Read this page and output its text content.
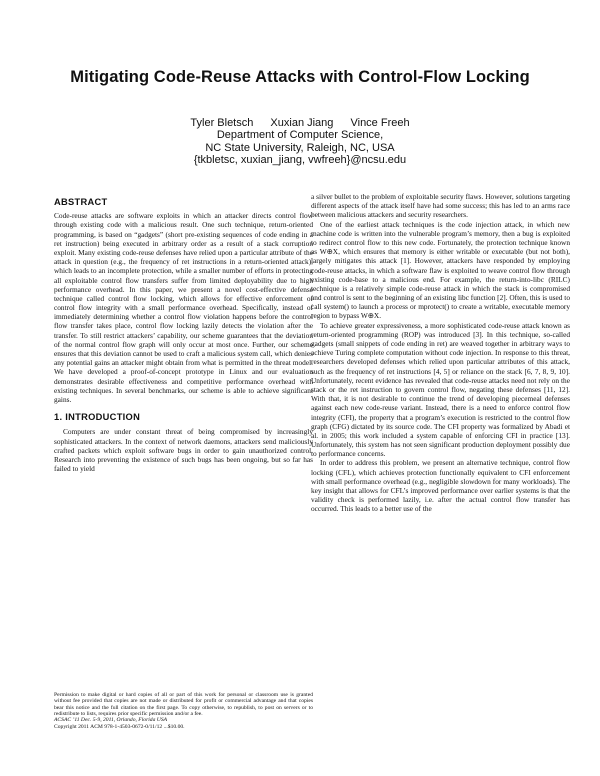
Mitigating Code-Reuse Attacks with Control-Flow Locking
Tyler Bletsch Xuxian Jiang Vince Freeh
Department of Computer Science,
NC State University, Raleigh, NC, USA
{tkbletsc, xuxian_jiang, vwfreeh}@ncsu.edu
ABSTRACT

Code-reuse attacks are software exploits in which an attacker directs control flow through existing code with a malicious result. One such technique, return-oriented programming, is based on “gadgets” (short pre-existing sequences of code ending in a ret instruction) being executed in arbitrary order as a result of a stack corruption exploit. Many existing code-reuse defenses have relied upon a particular attribute of the attack in question (e.g., the frequency of ret instructions in a return-oriented attack), which leads to an incomplete protection, while a smaller number of efforts in protecting all exploitable control flow transfers suffer from limited deployability due to high performance overhead. In this paper, we present a novel cost-effective defense technique called control flow locking, which allows for effective enforcement of control flow integrity with a small performance overhead. Specifically, instead of immediately determining whether a control flow violation happens before the control flow transfer takes place, control flow locking lazily detects the violation after the transfer. To still restrict attackers’ capability, our scheme guarantees that the deviation of the normal control flow graph will only occur at most once. Further, our scheme ensures that this deviation cannot be used to craft a malicious system call, which denies any potential gains an attacker might obtain from what is permitted in the threat model. We have developed a proof-of-concept prototype in Linux and our evaluation demonstrates desirable effectiveness and competitive performance overhead with existing techniques. In several benchmarks, our scheme is able to achieve significant gains.

1. INTRODUCTION

Computers are under constant threat of being compromised by increasingly sophisticated attackers. In the context of network daemons, attackers send maliciously crafted packets which exploit software bugs in order to gain unauthorized control. Research into preventing the existence of such bugs has been ongoing, but so far has failed to yield

a silver bullet to the problem of exploitable security flaws. However, solutions targeting different aspects of the attack itself have had some success; this has led to an arms race between malicious attackers and security researchers.

One of the earliest attack techniques is the code injection attack, in which new machine code is written into the vulnerable program’s memory, then a bug is exploited to redirect control flow to this new code. Fortunately, the protection technique known as W⊕X, which ensures that memory is either writable or executable (but not both), largely mitigates this attack [1]. However, attackers have responded by employing code-reuse attacks, in which a software flaw is exploited to weave control flow through existing code-base to a malicious end. For example, the return-into-libc (RILC) technique is a relatively simple code-reuse attack in which the stack is compromised and control is sent to the beginning of an existing libc function [2]. Often, this is used to call system() to launch a process or mprotect() to create a writable, executable memory region to bypass W⊕X.

To achieve greater expressiveness, a more sophisticated code-reuse attack known as return-oriented programming (ROP) was introduced [3]. In this technique, so-called gadgets (small snippets of code ending in ret) are weaved together in arbitrary ways to achieve Turing complete computation without code injection. In response to this threat, researchers developed defenses which relied upon particular attributes of this attack, such as the frequency of ret instructions [4, 5] or reliance on the stack [6, 7, 8, 9, 10]. Unfortunately, recent evidence has revealed that code-reuse attacks need not rely on the stack or the ret instruction to govern control flow, negating these defenses [11, 12]. With that, it is not desirable to continue the trend of developing piecemeal defenses against each new code-reuse variant. Instead, there is a need to enforce control flow integrity (CFI), the property that a program’s execution is restricted to the control flow graph (CFG) dictated by its source code. The CFI property was formalized by Abadi et al. in 2005; this work included a system capable of enforcing CFI in practice [13]. Unfortunately, this system has not seen significant production deployment possibly due to performance concerns.

In order to address this problem, we present an alternative technique, control flow locking (CFL), which achieves protection functionally equivalent to CFI enforcement with small performance overhead (e.g., negligible slowdown for many workloads). The key insight that allows for CFL’s improved performance over earlier systems is that the validity check is performed lazily, i.e. after the actual control flow transfer has occurred. This leads to a better use of the

Permission to make digital or hard copies of all or part of this work for personal or classroom use is granted without fee provided that copies are not made or distributed for profit or commercial advantage and that copies bear this notice and the full citation on the first page. To copy otherwise, to republish, to post on servers or to redistribute to lists, requires prior specific permission and/or a fee.

ACSAC ’11 Dec. 5-9, 2011, Orlando, Florida USA

Copyright 2011 ACM 978-1-4503-0672-0/11/12 ...$10.00.
